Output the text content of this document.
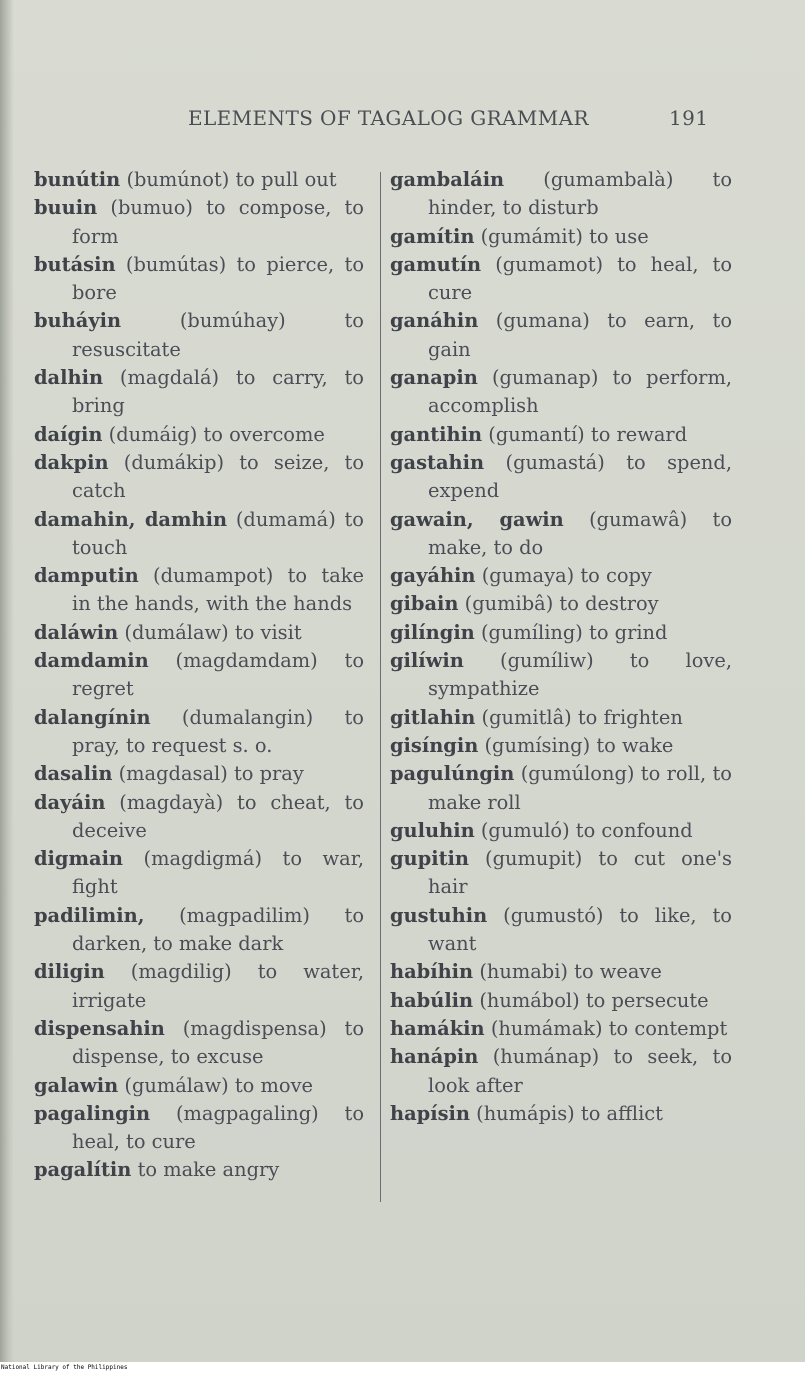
ELEMENTS OF TAGALOG GRAMMAR	191

bunútin (bumúnot) to pull out

buuin (bumuo) to compose, to form

butásin (bumútas) to pierce, to bore

buháyin (bumúhay) to resuscitate

dalhin (magdalá) to carry, to bring

daígin (dumáig) to overcome

dakpin (dumákip) to seize, to catch

damahin, damhin (dumamá) to touch

damputin (dumampot) to take in the hands, with the hands

daláwin (dumálaw) to visit

damdamin (magdamdam) to regret

dalangínin (dumalangin) to pray, to request s. o.

dasalin (magdasal) to pray

dayáin (magdayà) to cheat, to deceive

digmain (magdigmá) to war, fight

padilimin, (magpadilim) to darken, to make dark

diligin (magdilig) to water, irrigate

dispensahin (magdispensa) to dispense, to excuse

galawin (gumálaw) to move

pagalingin (magpagaling) to heal, to cure

pagalítin to make angry

gambaláin (gumambalà) to hinder, to disturb

gamítin (gumámit) to use

gamutín (gumamot) to heal, to cure

ganáhin (gumana) to earn, to gain

ganapin (gumanap) to perform, accomplish

gantihin (gumantí) to reward

gastahin (gumastá) to spend, expend

gawain, gawin (gumawâ) to make, to do

gayáhin (gumaya) to copy

gibain (gumibâ) to destroy

gilíngin (gumíling) to grind

gilíwin (gumíliw) to love, sympathize

gitlahin (gumitlâ) to frighten

gisíngin (gumísing) to wake

pagulúngin (gumúlong) to roll, to make roll

guluhin (gumuló) to confound

gupitin (gumupit) to cut one's hair

gustuhin (gumustó) to like, to want

habíhin (humabi) to weave

habúlin (humábol) to persecute

hamákin (humámak) to contempt

hanápin (humánap) to seek, to look after

hapísin (humápis) to afflict

National Library of the Philippines
